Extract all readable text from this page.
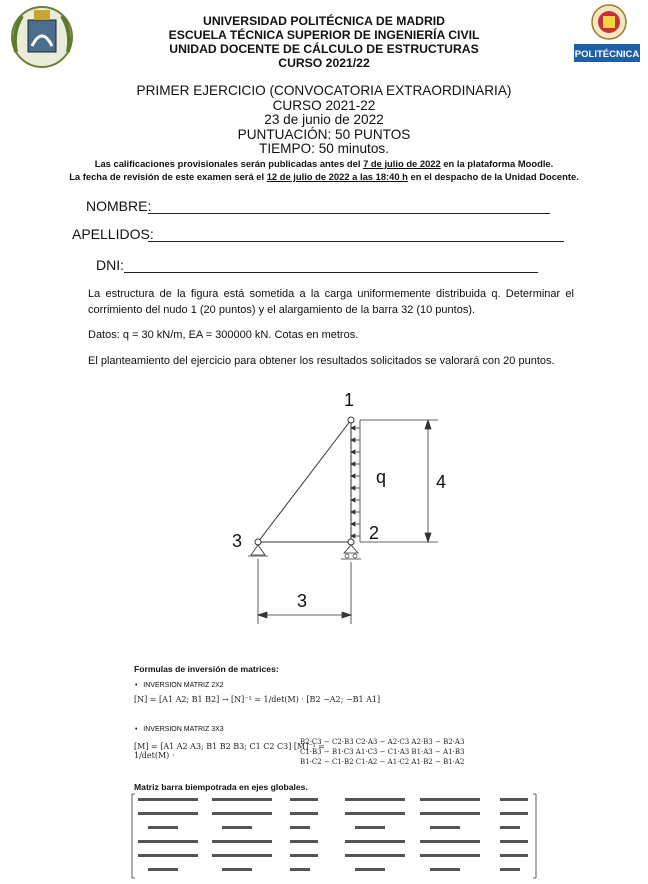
UNIVERSIDAD POLITÉCNICA DE MADRID
ESCUELA TÉCNICA SUPERIOR DE INGENIERÍA CIVIL
UNIDAD DOCENTE DE CÁLCULO DE ESTRUCTURAS
CURSO 2021/22
POLITÉCNICA
PRIMER EJERCICIO (CONVOCATORIA EXTRAORDINARIA)
CURSO 2021-22
23 de junio de 2022
PUNTUACIÓN: 50 PUNTOS
TIEMPO: 50 minutos.
Las calificaciones provisionales serán publicadas antes del 7 de julio de 2022 en la plataforma Moodle.
La fecha de revisión de este examen será el 12 de julio de 2022 a las 18:40 h en el despacho de la Unidad Docente.
NOMBRE:
APELLIDOS:
DNI:
La estructura de la figura está sometida a la carga uniformemente distribuida q. Determinar el corrimiento del nudo 1 (20 puntos) y el alargamiento de la barra 32 (10 puntos).
Datos: q = 30 kN/m, EA = 300000 kN. Cotas en metros.
El planteamiento del ejercicio para obtener los resultados solicitados se valorará con 20 puntos.
1
2
3
q	4
3
Formulas de inversión de matrices:
•   INVERSION MATRIZ 2X2
[N] = [A1 A2; B1 B2] → [N]⁻¹ = 1/det(M) · [B2 −A2; −B1 A1]
•   INVERSION MATRIZ 3X3
[M] = [A1 A2 A3; B1 B2 B3; C1 C2 C3] [M]⁻¹ = 1/det(M) ·
B2·C3 − C2·B3 C2·A3 − A2·C3 A2·B3 − B2·A3
C1·B3 − B1·C3 A1·C3 − C1·A3 B1·A3 − A1·B3
B1·C2 − C1·B2 C1·A2 − A1·C2 A1·B2 − B1·A2
Matriz barra biempotrada en ejes globales.
